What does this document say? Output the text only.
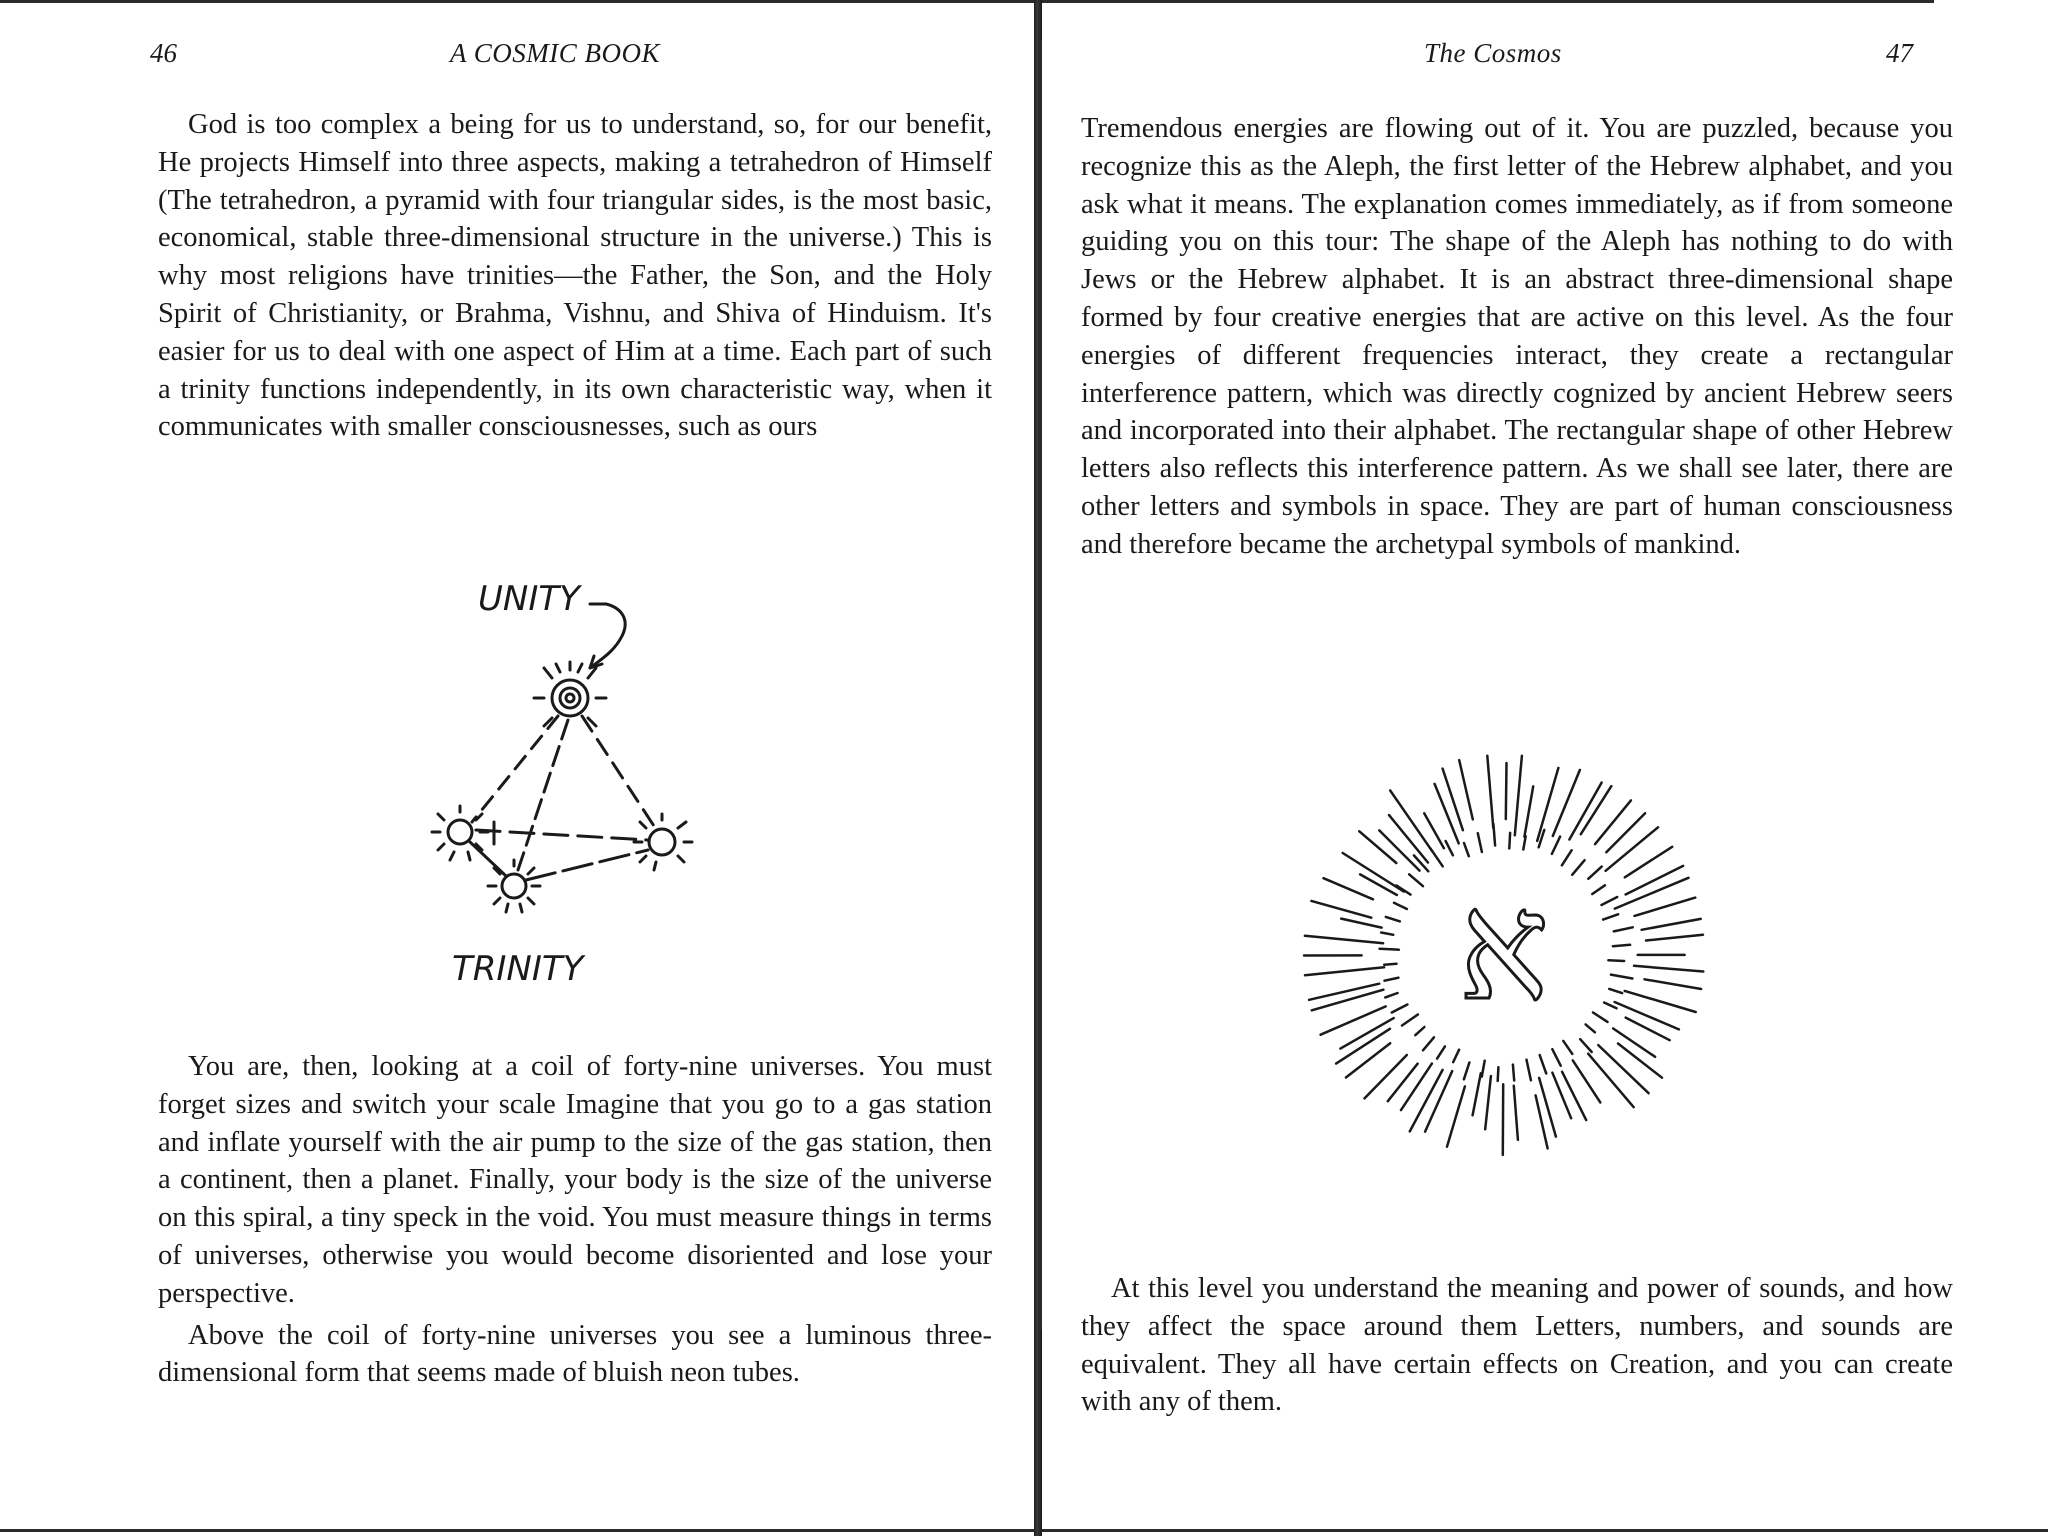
46	A COSMIC BOOK

God is too complex a being for us to understand, so, for our benefit, He projects Himself into three aspects, making a tetrahedron of Himself (The tetrahedron, a pyramid with four triangular sides, is the most basic, economical, stable three-dimensional structure in the universe.) This is why most religions have trinities—the Father, the Son, and the Holy Spirit of Christianity, or Brahma, Vishnu, and Shiva of Hinduism. It's easier for us to deal with one aspect of Him at a time. Each part of such a trinity functions independently, in its own characteristic way, when it communicates with smaller consciousnesses, such as ours

UNITY
TRINITY

You are, then, looking at a coil of forty-nine universes. You must forget sizes and switch your scale Imagine that you go to a gas station and inflate yourself with the air pump to the size of the gas station, then a continent, then a planet. Finally, your body is the size of the universe on this spiral, a tiny speck in the void. You must measure things in terms of universes, otherwise you would become disoriented and lose your perspective.

Above the coil of forty-nine universes you see a luminous three-dimensional form that seems made of bluish neon tubes.

The Cosmos	47

Tremendous energies are flowing out of it. You are puzzled, because you recognize this as the Aleph, the first letter of the Hebrew alphabet, and you ask what it means. The explanation comes immediately, as if from someone guiding you on this tour: The shape of the Aleph has nothing to do with Jews or the Hebrew alphabet. It is an abstract three-dimensional shape formed by four creative energies that are active on this level. As the four energies of different frequencies interact, they create a rectangular interference pattern, which was directly cognized by ancient Hebrew seers and incorporated into their alphabet. The rectangular shape of other Hebrew letters also reflects this interference pattern. As we shall see later, there are other letters and symbols in space. They are part of human consciousness and therefore became the archetypal symbols of mankind.

א

At this level you understand the meaning and power of sounds, and how they affect the space around them Letters, numbers, and sounds are equivalent. They all have certain effects on Creation, and you can create with any of them.
